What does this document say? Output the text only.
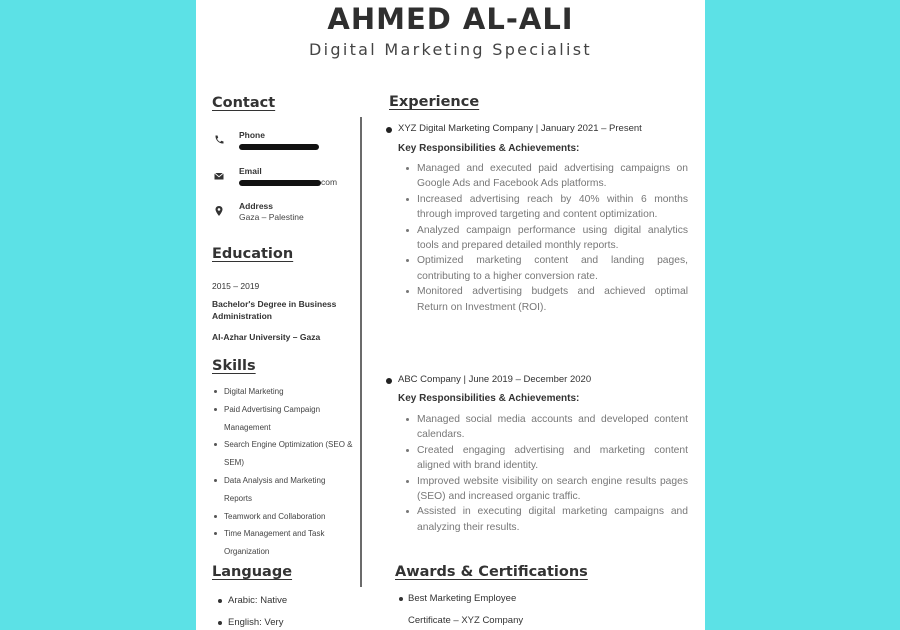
AHMED AL-ALI
Digital Marketing Specialist
Contact
Phone
Email
com
Address
Gaza – Palestine
Education
2015 – 2019
Bachelor's Degree in Business Administration
Al-Azhar University – Gaza
Skills
Digital Marketing
Paid Advertising Campaign Management
Search Engine Optimization (SEO & SEM)
Data Analysis and Marketing Reports
Teamwork and Collaboration
Time Management and Task Organization
Language
Arabic: Native
English: Very
Experience
XYZ Digital Marketing Company | January 2021 – Present
Key Responsibilities & Achievements:
Managed and executed paid advertising campaigns on Google Ads and Facebook Ads platforms.
Increased advertising reach by 40% within 6 months through improved targeting and content optimization.
Analyzed campaign performance using digital analytics tools and prepared detailed monthly reports.
Optimized marketing content and landing pages, contributing to a higher conversion rate.
Monitored advertising budgets and achieved optimal Return on Investment (ROI).
ABC Company | June 2019 – December 2020
Key Responsibilities & Achievements:
Managed social media accounts and developed content calendars.
Created engaging advertising and marketing content aligned with brand identity.
Improved website visibility on search engine results pages (SEO) and increased organic traffic.
Assisted in executing digital marketing campaigns and analyzing their results.
Awards & Certifications
Best Marketing Employee
Certificate – XYZ Company
